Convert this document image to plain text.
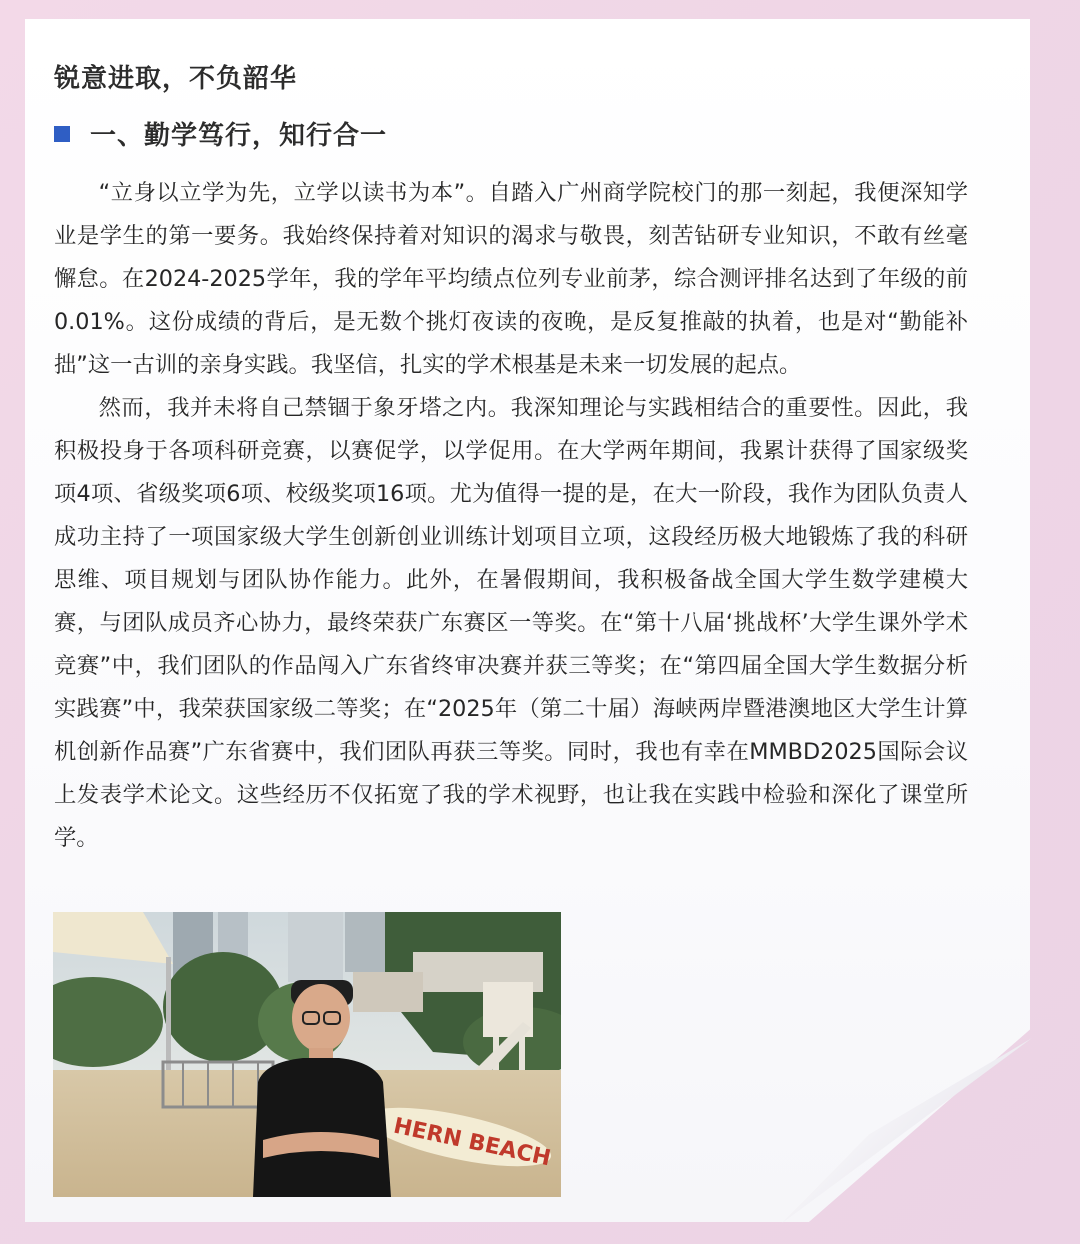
锐意进取，不负韶华
一、勤学笃行，知行合一

“立身以立学为先，立学以读书为本”。自踏入广州商学院校门的那一刻起，我便深知学业是学生的第一要务。我始终保持着对知识的渴求与敬畏，刻苦钻研专业知识，不敢有丝毫懈怠。在2024-2025学年，我的学年平均绩点位列专业前茅，综合测评排名达到了年级的前0.01%。这份成绩的背后，是无数个挑灯夜读的夜晚，是反复推敲的执着，也是对“勤能补拙”这一古训的亲身实践。我坚信，扎实的学术根基是未来一切发展的起点。

然而，我并未将自己禁锢于象牙塔之内。我深知理论与实践相结合的重要性。因此，我积极投身于各项科研竞赛，以赛促学，以学促用。在大学两年期间，我累计获得了国家级奖项4项、省级奖项6项、校级奖项16项。尤为值得一提的是，在大一阶段，我作为团队负责人成功主持了一项国家级大学生创新创业训练计划项目立项，这段经历极大地锻炼了我的科研思维、项目规划与团队协作能力。此外，在暑假期间，我积极备战全国大学生数学建模大赛，与团队成员齐心协力，最终荣获广东赛区一等奖。在“第十八届‘挑战杯’大学生课外学术竞赛”中，我们团队的作品闯入广东省终审决赛并获三等奖；在“第四届全国大学生数据分析实践赛”中，我荣获国家级二等奖；在“2025年（第二十届）海峡两岸暨港澳地区大学生计算机创新作品赛”广东省赛中，我们团队再获三等奖。同时，我也有幸在MMBD2025国际会议上发表学术论文。这些经历不仅拓宽了我的学术视野，也让我在实践中检验和深化了课堂所学。

HERN BEACH
